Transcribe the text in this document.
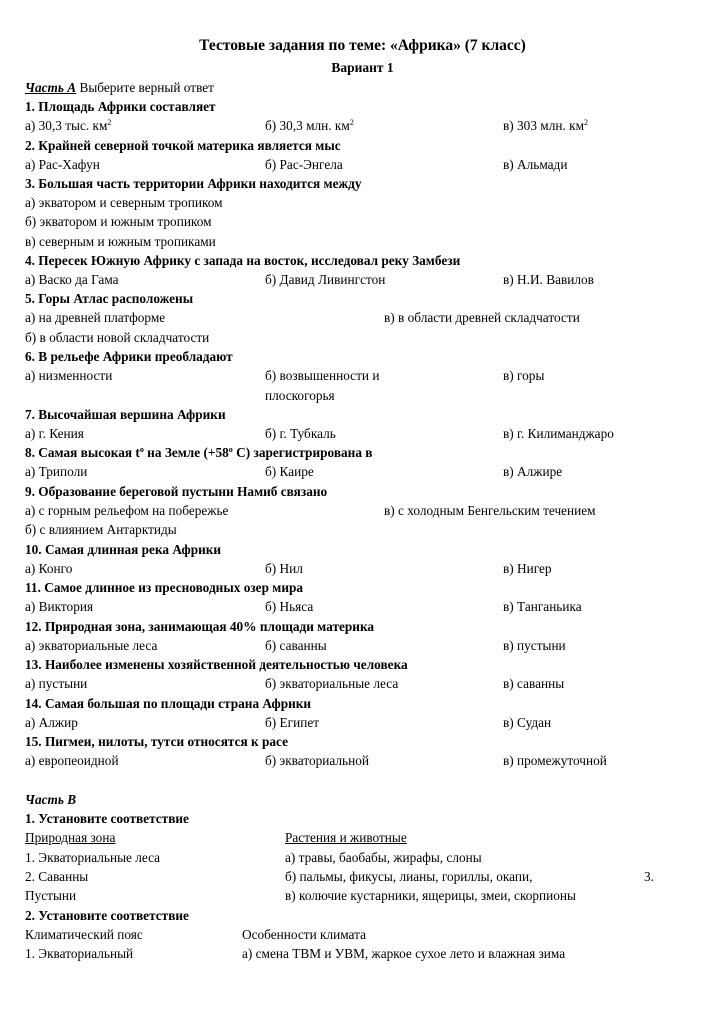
Тестовые задания по теме: «Африка» (7 класс)
Вариант 1
Часть А Выберите верный ответ
1. Площадь Африки составляет
а) 30,3 тыс. $км^2$	б) 30,3 млн. $км^2$	в) 303 млн. $км^2$
2. Крайней северной точкой материка является мыс
а) Рас-Хафун	б) Рас-Энгела	в) Альмади
3. Большая часть территории Африки находится между
а) экватором и северным тропиком
б) экватором и южным тропиком
в) северным и южным тропиками
4. Пересек Южную Африку с запада на восток, исследовал реку Замбези
а) Васко да Гама	б) Давид Ливингстон	в) Н.И. Вавилов
5. Горы Атлас расположены
а) на древней платформе	в) в области древней складчатости
б) в области новой складчатости
6. В рельефе Африки преобладают
а) низменности	б) возвышенности и
плоскогорья
в) горы
7. Высочайшая вершина Африки
а) г. Кения	б) г. Тубкаль	в) г. Килиманджаро
8. Самая высокая $t^o$ на Земле ($+58^o$ С) зарегистрирована в
а) Триполи	б) Каире	в) Алжире
9. Образование береговой пустыни Намиб связано
а) с горным рельефом на побережье	в) с холодным Бенгельским течением
б) с влиянием Антарктиды
10. Самая длинная река Африки
а) Конго	б) Нил	в) Нигер
11. Самое длинное из пресноводных озер мира
а) Виктория	б) Ньяса	в) Танганьика
12. Природная зона, занимающая 40% площади материка
а) экваториальные леса	б) саванны	в) пустыни
13. Наиболее изменены хозяйственной деятельностью человека
а) пустыни	б) экваториальные леса	в) саванны
14. Самая большая по площади страна Африки
а) Алжир	б) Египет	в) Судан
15. Пигмеи, нилоты, тутси относятся к расе
а) европеоидной	б) экваториальной	в) промежуточной
Часть В
1. Установите соответствие
Природная зона	Растения и животные
1. Экваториальные леса	а) травы, баобабы, жирафы, слоны
2. Саванны	б) пальмы, фикусы, лианы, гориллы, окапи,	3.
Пустыни	в) колючие кустарники, ящерицы, змеи, скорпионы
2. Установите соответствие
Климатический пояс	Особенности климата
1. Экваториальный	а) смена ТВМ и УВМ, жаркое сухое лето и влажная зима
